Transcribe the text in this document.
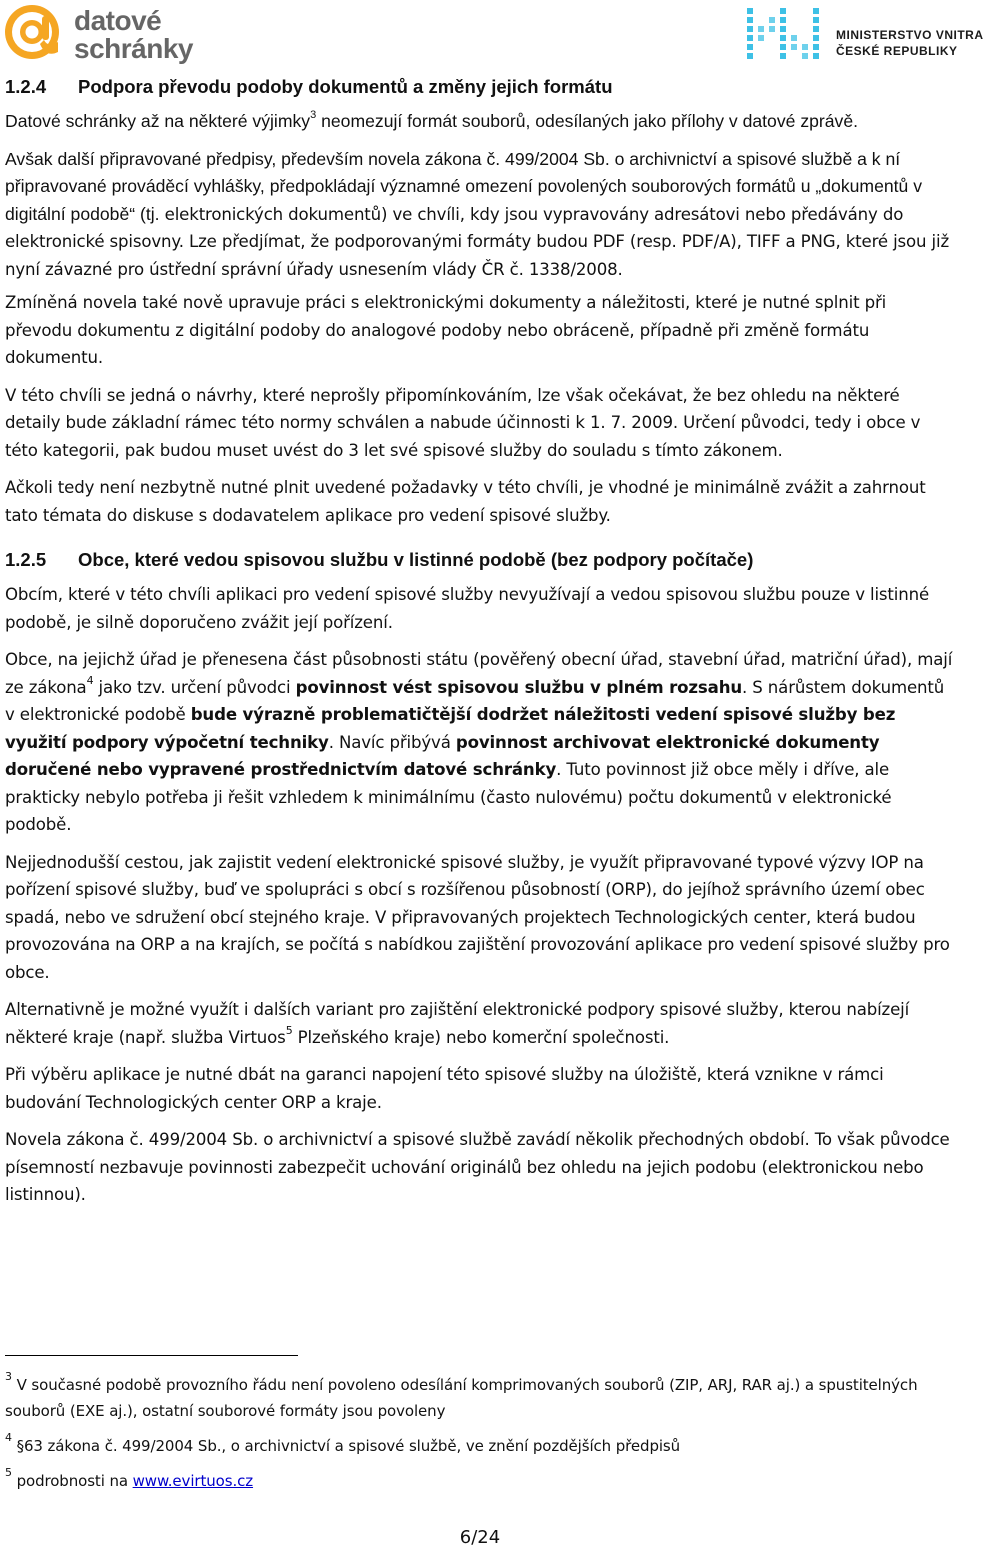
datové
schránky	MINISTERSTVO VNITRA
ČESKÉ REPUBLIKY
1.2.4 Podpora převodu podoby dokumentů a změny jejich formátu

Datové schránky až na některé výjimky$^3$ neomezují formát souborů, odesílaných jako přílohy v datové zprávě.

Avšak další připravované předpisy, především novela zákona č. 499/2004 Sb. o archivnictví a spisové službě a k ní připravované prováděcí vyhlášky, předpokládají významné omezení povolených souborových formátů u „dokumentů v digitální podobě“ (tj. elektronických dokumentů) ve chvíli, kdy jsou vypravovány adresátovi nebo předávány do elektronické spisovny. Lze předjímat, že podporovanými formáty budou PDF (resp. PDF/A), TIFF a PNG, které jsou již nyní závazné pro ústřední správní úřady usnesením vlády ČR č. 1338/2008.

Zmíněná novela také nově upravuje práci s elektronickými dokumenty a náležitosti, které je nutné splnit při převodu dokumentu z digitální podoby do analogové podoby nebo obráceně, případně při změně formátu dokumentu.

V této chvíli se jedná o návrhy, které neprošly připomínkováním, lze však očekávat, že bez ohledu na některé detaily bude základní rámec této normy schválen a nabude účinnosti k 1. 7. 2009. Určení původci, tedy i obce v této kategorii, pak budou muset uvést do 3 let své spisové služby do souladu s tímto zákonem.

Ačkoli tedy není nezbytně nutné plnit uvedené požadavky v této chvíli, je vhodné je minimálně zvážit a zahrnout tato témata do diskuse s dodavatelem aplikace pro vedení spisové služby.

1.2.5 Obce, které vedou spisovou službu v listinné podobě (bez podpory počítače)

Obcím, které v této chvíli aplikaci pro vedení spisové služby nevyužívají a vedou spisovou službu pouze v listinné podobě, je silně doporučeno zvážit její pořízení.

Obce, na jejichž úřad je přenesena část působnosti státu (pověřený obecní úřad, stavební úřad, matriční úřad), mají ze zákona$^4$ jako tzv. určení původci povinnost vést spisovou službu v plném rozsahu. S nárůstem dokumentů v elektronické podobě bude výrazně problematičtější dodržet náležitosti vedení spisové služby bez využití podpory výpočetní techniky. Navíc přibývá povinnost archivovat elektronické dokumenty doručené nebo vypravené prostřednictvím datové schránky. Tuto povinnost již obce měly i dříve, ale prakticky nebylo potřeba ji řešit vzhledem k minimálnímu (často nulovému) počtu dokumentů v elektronické podobě.

Nejjednodušší cestou, jak zajistit vedení elektronické spisové služby, je využít připravované typové výzvy IOP na pořízení spisové služby, buď ve spolupráci s obcí s rozšířenou působností (ORP), do jejíhož správního území obec spadá, nebo ve sdružení obcí stejného kraje. V připravovaných projektech Technologických center, která budou provozována na ORP a na krajích, se počítá s nabídkou zajištění provozování aplikace pro vedení spisové služby pro obce.

Alternativně je možné využít i dalších variant pro zajištění elektronické podpory spisové služby, kterou nabízejí některé kraje (např. služba Virtuos$^5$ Plzeňského kraje) nebo komerční společnosti.

Při výběru aplikace je nutné dbát na garanci napojení této spisové služby na úložiště, která vznikne v rámci budování Technologických center ORP a kraje.

Novela zákona č. 499/2004 Sb. o archivnictví a spisové službě zavádí několik přechodných období. To však původce písemností nezbavuje povinnosti zabezpečit uchování originálů bez ohledu na jejich podobu (elektronickou nebo listinnou).

$^3$ V současné podobě provozního řádu není povoleno odesílání komprimovaných souborů (ZIP, ARJ, RAR aj.) a spustitelných souborů (EXE aj.), ostatní souborové formáty jsou povoleny

$^4$ §63 zákona č. 499/2004 Sb., o archivnictví a spisové službě, ve znění pozdějších předpisů

$^5$ podrobnosti na www.evirtuos.cz

6/24
